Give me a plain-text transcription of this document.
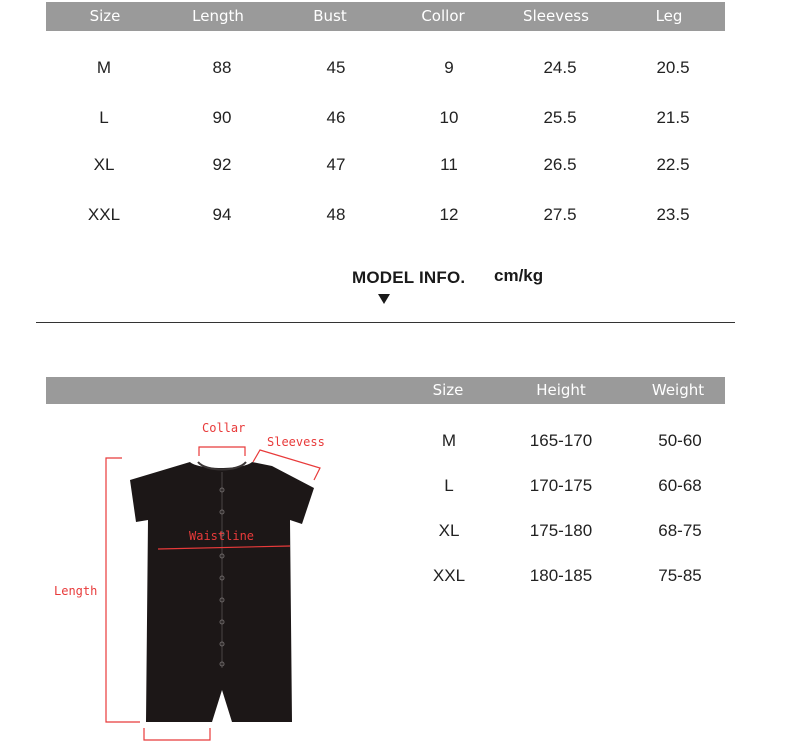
Size	Length	Bust	Collor	Sleevess	Leg
M	88	45	9	24.5	20.5
L	90	46	10	25.5	21.5
XL	92	47	11	26.5	22.5
XXL	94	48	12	27.5	23.5
MODEL INFO. cm/kg
Size	Height	Weight
M	165-170	50-60
L	170-175	60-68
XL	175-180	68-75
XXL	180-185	75-85
Collar
Sleevess
Waistline
Length
